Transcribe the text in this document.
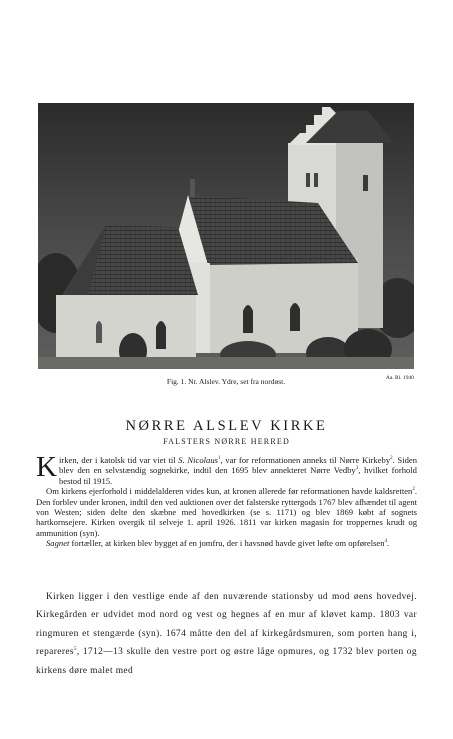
Fig. 1. Nr. Alslev. Ydre, set fra nordøst.	Aa. Rl. 1940
NØRRE ALSLEV KIRKE
FALSTERS NØRRE HERRED

Kirken, der i katolsk tid var viet til S. Nicolaus$^1$, var for reformationen anneks til Nørre Kirkeby$^2$. Siden blev den en selvstændig sognekirke, indtil den 1695 blev annekteret Nørre Vedby$^3$, hvilket forhold bestod til 1915.

Om kirkens ejerforhold i middelalderen vides kun, at kronen allerede før reformationen havde kaldsretten$^2$. Den forblev under kronen, indtil den ved auktionen over det falsterske ryttergods 1767 blev afhændet til agent von Westen; siden delte den skæbne med hovedkirken (se s. 1171) og blev 1869 købt af sognets hartkornsejere. Kirken overgik til selveje 1. april 1926. 1811 var kirken magasin for troppernes krudt og ammunition (syn).

Sagnet fortæller, at kirken blev bygget af en jomfru, der i havsnød havde givet løfte om opførelsen$^4$.

Kirken ligger i den vestlige ende af den nuværende stationsby ud mod øens hovedvej. Kirkegården er udvidet mod nord og vest og hegnes af en mur af kløvet kamp. 1803 var ringmuren et stengærde (syn). 1674 måtte den del af kirkegårdsmuren, som porten hang i, repareres$^5$, 1712—13 skulle den vestre port og østre låge opmures, og 1732 blev porten og kirkens døre malet med
